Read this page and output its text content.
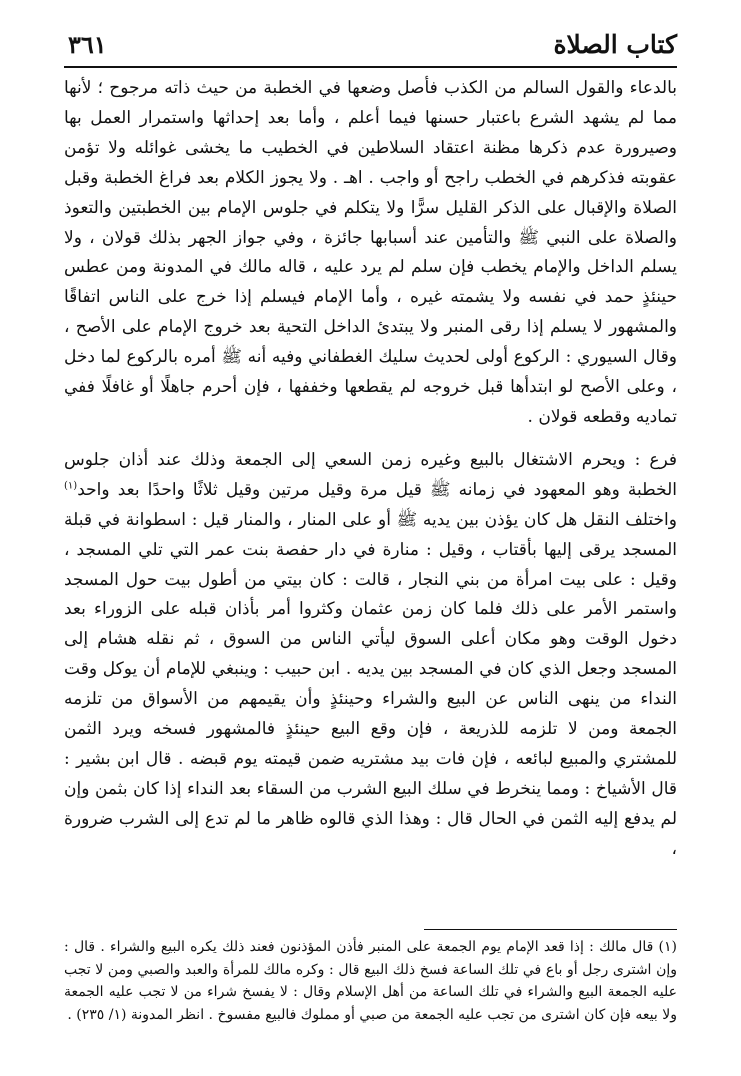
كتاب الصلاة
٣٦١

بالدعاء والقول السالم من الكذب فأصل وضعها في الخطبة من حيث ذاته مرجوح ؛ لأنها مما لم يشهد الشرع باعتبار حسنها فيما أعلم ، وأما بعد إحداثها واستمرار العمل بها وصيرورة عدم ذكرها مظنة اعتقاد السلاطين في الخطيب ما يخشى غوائله ولا تؤمن عقوبته فذكرهم في الخطب راجح أو واجب . اهـ . ولا يجوز الكلام بعد فراغ الخطبة وقبل الصلاة والإقبال على الذكر القليل سرًّا ولا يتكلم في جلوس الإمام بين الخطبتين والتعوذ والصلاة على النبي ﷺ والتأمين عند أسبابها جائزة ، وفي جواز الجهر بذلك قولان ، ولا يسلم الداخل والإمام يخطب فإن سلم لم يرد عليه ، قاله مالك في المدونة ومن عطس حينئذٍ حمد في نفسه ولا يشمته غيره ، وأما الإمام فيسلم إذا خرج على الناس اتفاقًا والمشهور لا يسلم إذا رقى المنبر ولا يبتدئ الداخل التحية بعد خروج الإمام على الأصح ، وقال السيوري : الركوع أولى لحديث سليك الغطفاني وفيه أنه ﷺ أمره بالركوع لما دخل ، وعلى الأصح لو ابتدأها قبل خروجه لم يقطعها وخففها ، فإن أحرم جاهلًا أو غافلًا ففي تماديه وقطعه قولان .

فرع : ويحرم الاشتغال بالبيع وغيره زمن السعي إلى الجمعة وذلك عند أذان جلوس الخطبة وهو المعهود في زمانه ﷺ قيل مرة وقيل مرتين وقيل ثلاثًا واحدًا بعد واحد$^{(١)}$ واختلف النقل هل كان يؤذن بين يديه ﷺ أو على المنار ، والمنار قيل : اسطوانة في قبلة المسجد يرقى إليها بأقتاب ، وقيل : منارة في دار حفصة بنت عمر التي تلي المسجد ، وقيل : على بيت امرأة من بني النجار ، قالت : كان بيتي من أطول بيت حول المسجد واستمر الأمر على ذلك فلما كان زمن عثمان وكثروا أمر بأذان قبله على الزوراء بعد دخول الوقت وهو مكان أعلى السوق ليأتي الناس من السوق ، ثم نقله هشام إلى المسجد وجعل الذي كان في المسجد بين يديه . ابن حبيب : وينبغي للإمام أن يوكل وقت النداء من ينهى الناس عن البيع والشراء وحينئذٍ وأن يقيمهم من الأسواق من تلزمه الجمعة ومن لا تلزمه للذريعة ، فإن وقع البيع حينئذٍ فالمشهور فسخه ويرد الثمن للمشتري والمبيع لبائعه ، فإن فات بيد مشتريه ضمن قيمته يوم قبضه . قال ابن بشير : قال الأشياخ : ومما ينخرط في سلك البيع الشرب من السقاء بعد النداء إذا كان بثمن وإن لم يدفع إليه الثمن في الحال قال : وهذا الذي قالوه ظاهر ما لم تدع إلى الشرب ضرورة ،

(١) قال مالك : إذا قعد الإمام يوم الجمعة على المنبر فأذن المؤذنون فعند ذلك يكره البيع والشراء . قال : وإن اشترى رجل أو باع في تلك الساعة فسخ ذلك البيع قال : وكره مالك للمرأة والعبد والصبي ومن لا تجب عليه الجمعة البيع والشراء في تلك الساعة من أهل الإسلام وقال : لا يفسخ شراء من لا تجب عليه الجمعة ولا بيعه فإن كان اشترى من تجب عليه الجمعة من صبي أو مملوك فالبيع مفسوخ . انظر المدونة (١/ ٢٣٥) .
